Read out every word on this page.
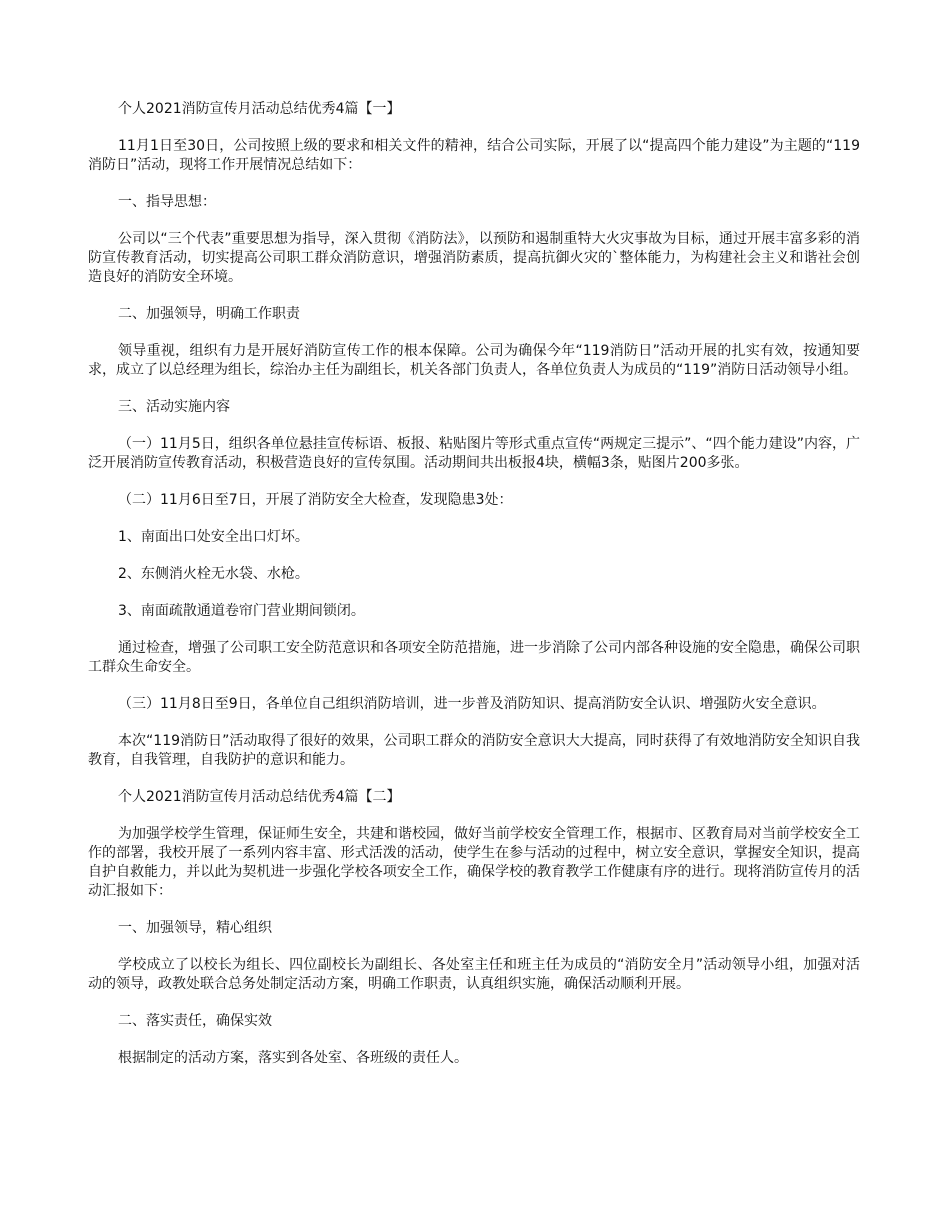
个人2021消防宣传月活动总结优秀4篇【一】

11月1日至30日，公司按照上级的要求和相关文件的精神，结合公司实际，开展了以“提高四个能力建设”为主题的“119消防日”活动，现将工作开展情况总结如下：

一、指导思想：

公司以“三个代表”重要思想为指导，深入贯彻《消防法》，以预防和遏制重特大火灾事故为目标，通过开展丰富多彩的消防宣传教育活动，切实提高公司职工群众消防意识，增强消防素质，提高抗御火灾的`整体能力，为构建社会主义和谐社会创造良好的消防安全环境。

二、加强领导，明确工作职责

领导重视，组织有力是开展好消防宣传工作的根本保障。公司为确保今年“119消防日”活动开展的扎实有效，按通知要求，成立了以总经理为组长，综治办主任为副组长，机关各部门负责人，各单位负责人为成员的“119”消防日活动领导小组。

三、活动实施内容

（一）11月5日，组织各单位悬挂宣传标语、板报、粘贴图片等形式重点宣传“两规定三提示”、“四个能力建设”内容，广泛开展消防宣传教育活动，积极营造良好的宣传氛围。活动期间共出板报4块，横幅3条，贴图片200多张。

（二）11月6日至7日，开展了消防安全大检查，发现隐患3处：

1、南面出口处安全出口灯坏。

2、东侧消火栓无水袋、水枪。

3、南面疏散通道卷帘门营业期间锁闭。

通过检查，增强了公司职工安全防范意识和各项安全防范措施，进一步消除了公司内部各种设施的安全隐患，确保公司职工群众生命安全。

（三）11月8日至9日，各单位自己组织消防培训，进一步普及消防知识、提高消防安全认识、增强防火安全意识。

本次“119消防日”活动取得了很好的效果，公司职工群众的消防安全意识大大提高，同时获得了有效地消防安全知识自我教育，自我管理，自我防护的意识和能力。

个人2021消防宣传月活动总结优秀4篇【二】

为加强学校学生管理，保证师生安全，共建和谐校园，做好当前学校安全管理工作，根据市、区教育局对当前学校安全工作的部署，我校开展了一系列内容丰富、形式活泼的活动，使学生在参与活动的过程中，树立安全意识，掌握安全知识，提高自护自救能力，并以此为契机进一步强化学校各项安全工作，确保学校的教育教学工作健康有序的进行。现将消防宣传月的活动汇报如下：

一、加强领导，精心组织

学校成立了以校长为组长、四位副校长为副组长、各处室主任和班主任为成员的“消防安全月”活动领导小组，加强对活动的领导，政教处联合总务处制定活动方案，明确工作职责，认真组织实施，确保活动顺利开展。

二、落实责任，确保实效

根据制定的活动方案，落实到各处室、各班级的责任人。
